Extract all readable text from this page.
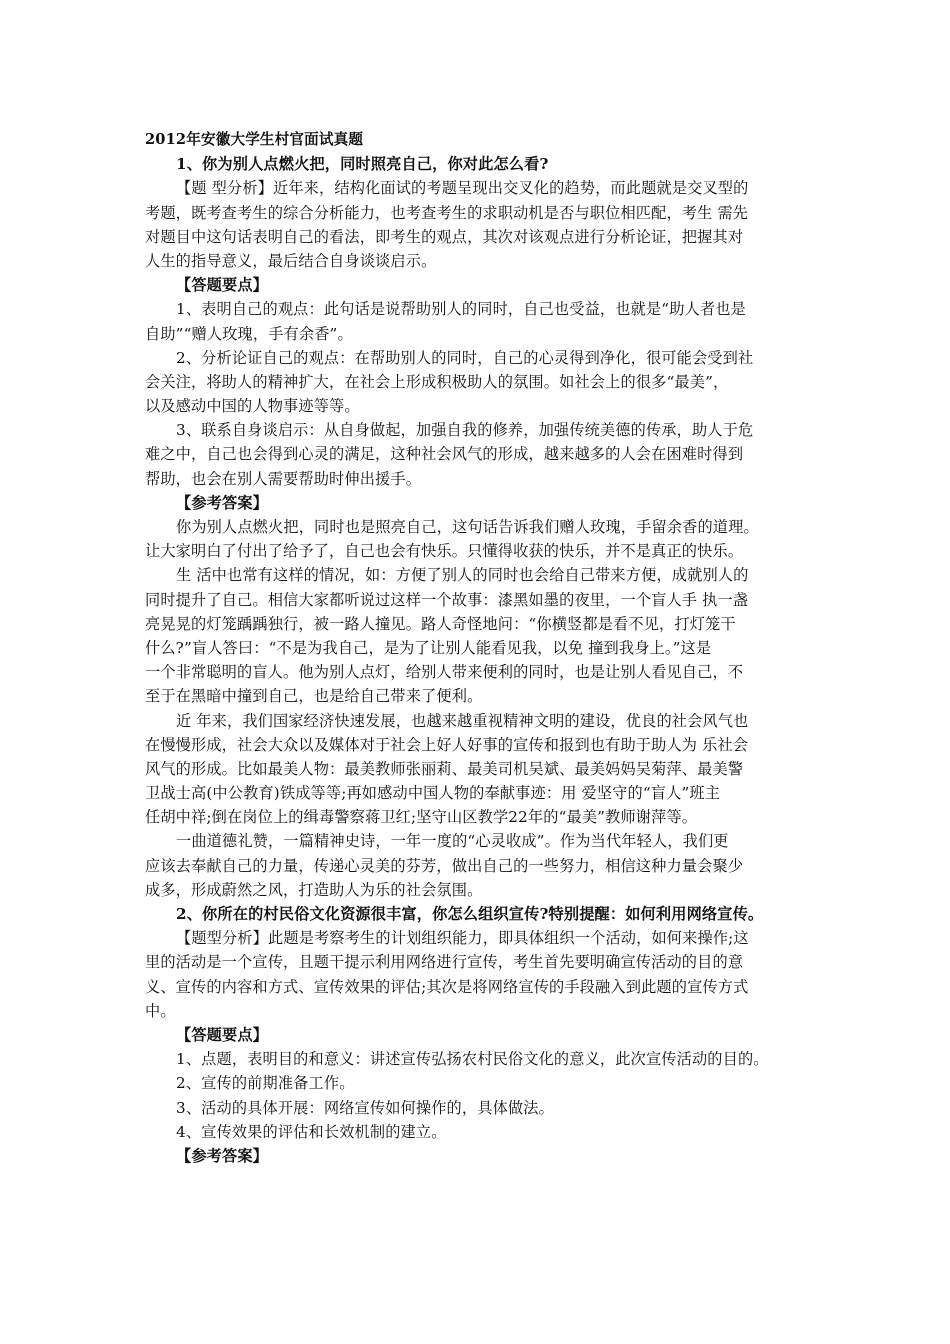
2012年安徽大学生村官面试真题
1、你为别人点燃火把，同时照亮自己，你对此怎么看?
【题 型分析】近年来，结构化面试的考题呈现出交叉化的趋势，而此题就是交叉型的
考题，既考查考生的综合分析能力，也考查考生的求职动机是否与职位相匹配，考生 需先
对题目中这句话表明自己的看法，即考生的观点，其次对该观点进行分析论证，把握其对
人生的指导意义，最后结合自身谈谈启示。
【答题要点】
1、表明自己的观点：此句话是说帮助别人的同时，自己也受益，也就是“助人者也是
自助”“赠人玫瑰，手有余香”。
2、分析论证自己的观点：在帮助别人的同时，自己的心灵得到净化，很可能会受到社
会关注，将助人的精神扩大，在社会上形成积极助人的氛围。如社会上的很多“最美”，
以及感动中国的人物事迹等等。
3、联系自身谈启示：从自身做起，加强自我的修养，加强传统美德的传承，助人于危
难之中，自己也会得到心灵的满足，这种社会风气的形成，越来越多的人会在困难时得到
帮助，也会在别人需要帮助时伸出援手。
【参考答案】
你为别人点燃火把，同时也是照亮自己，这句话告诉我们赠人玫瑰，手留余香的道理。
让大家明白了付出了给予了，自己也会有快乐。只懂得收获的快乐，并不是真正的快乐。
生 活中也常有这样的情况，如：方便了别人的同时也会给自己带来方便，成就别人的
同时提升了自己。相信大家都听说过这样一个故事：漆黑如墨的夜里，一个盲人手 执一盏
亮晃晃的灯笼踽踽独行，被一路人撞见。路人奇怪地问：“你横竖都是看不见，打灯笼干
什么?”盲人答曰：“不是为我自己，是为了让别人能看见我，以免 撞到我身上。”这是
一个非常聪明的盲人。他为别人点灯，给别人带来便利的同时，也是让别人看见自己，不
至于在黑暗中撞到自己，也是给自己带来了便利。
近 年来，我们国家经济快速发展，也越来越重视精神文明的建设，优良的社会风气也
在慢慢形成，社会大众以及媒体对于社会上好人好事的宣传和报到也有助于助人为 乐社会
风气的形成。比如最美人物：最美教师张丽莉、最美司机吴斌、最美妈妈吴菊萍、最美警
卫战士高(中公教育)铁成等等;再如感动中国人物的奉献事迹：用 爱坚守的“盲人”班主
任胡中祥;倒在岗位上的缉毒警察蒋卫红;坚守山区教学22年的“最美”教师谢萍等。
一曲道德礼赞，一篇精神史诗，一年一度的“心灵收成”。作为当代年轻人，我们更
应该去奉献自己的力量，传递心灵美的芬芳，做出自己的一些努力，相信这种力量会聚少
成多，形成蔚然之风，打造助人为乐的社会氛围。
2、你所在的村民俗文化资源很丰富，你怎么组织宣传?特别提醒：如何利用网络宣传。
【题型分析】此题是考察考生的计划组织能力，即具体组织一个活动，如何来操作;这
里的活动是一个宣传，且题干提示利用网络进行宣传，考生首先要明确宣传活动的目的意
义、宣传的内容和方式、宣传效果的评估;其次是将网络宣传的手段融入到此题的宣传方式
中。
【答题要点】
1、点题，表明目的和意义：讲述宣传弘扬农村民俗文化的意义，此次宣传活动的目的。
2、宣传的前期准备工作。
3、活动的具体开展：网络宣传如何操作的，具体做法。
4、宣传效果的评估和长效机制的建立。
【参考答案】
